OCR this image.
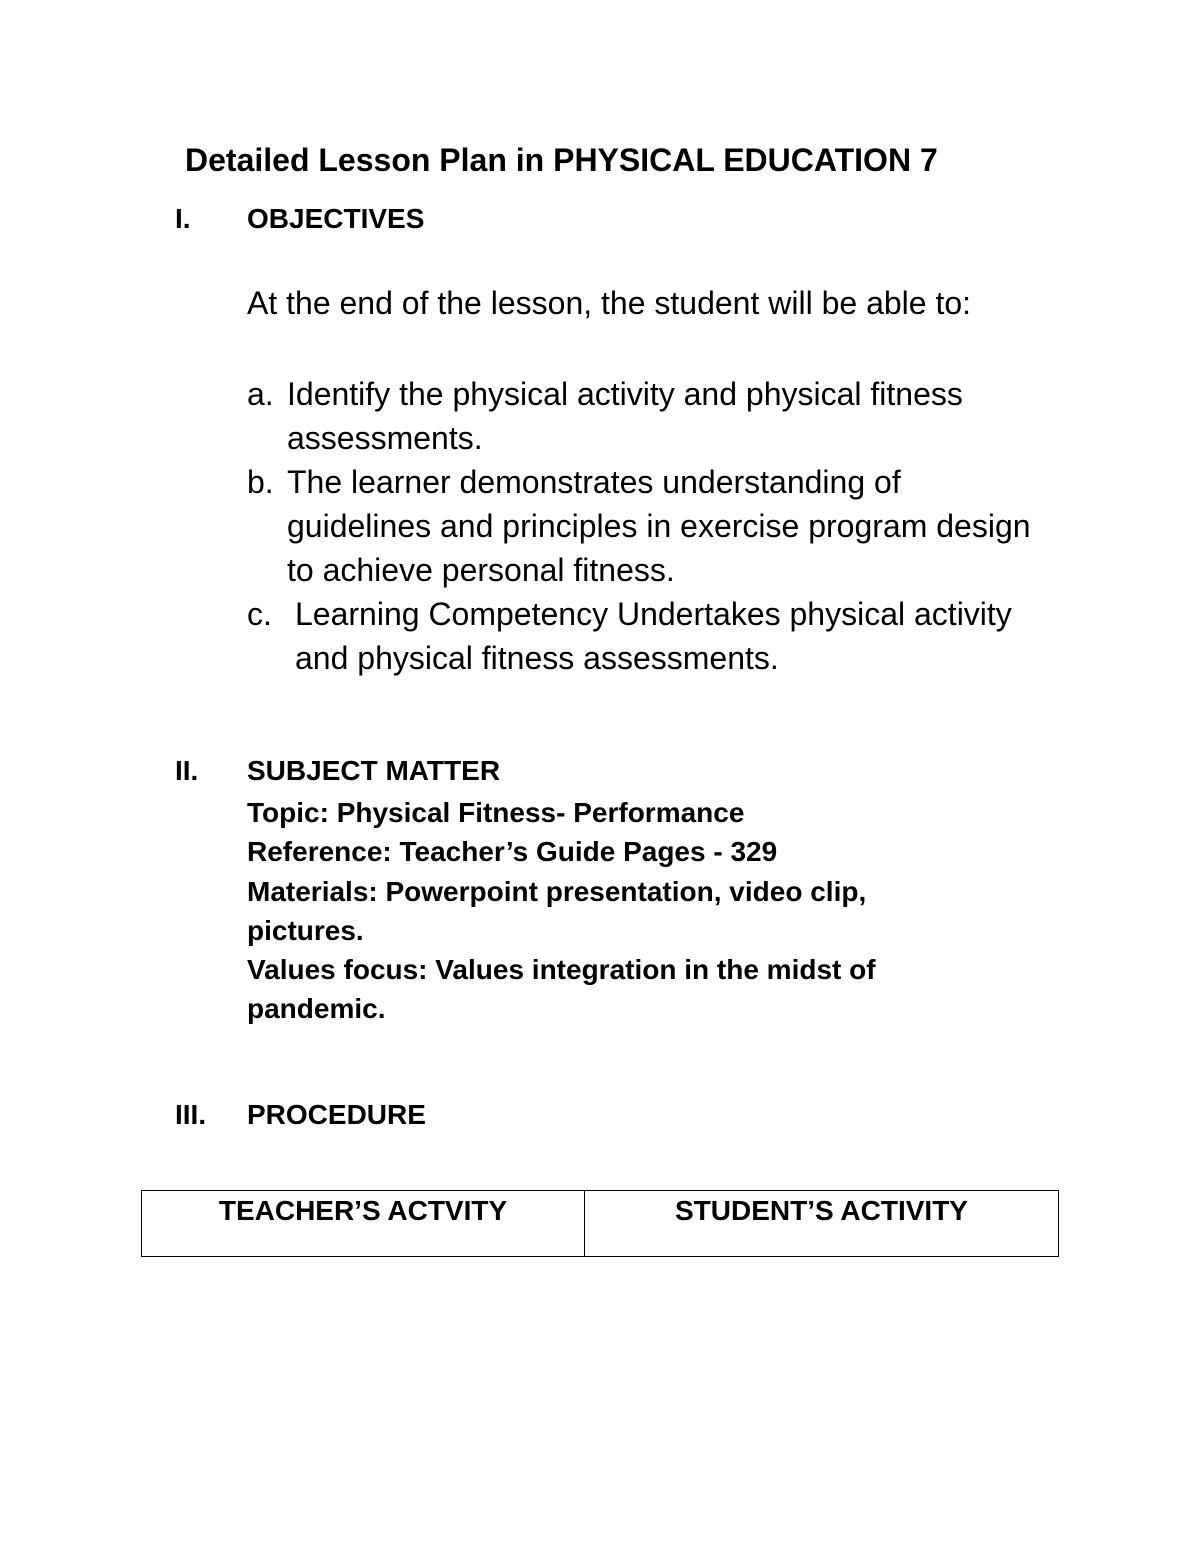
Detailed Lesson Plan in PHYSICAL EDUCATION 7
I. OBJECTIVES
At the end of the lesson, the student will be able to:
a. Identify the physical activity and physical fitness assessments.
b. The learner demonstrates understanding of guidelines and principles in exercise program design to achieve personal fitness.
c. Learning Competency Undertakes physical activity and physical fitness assessments.
II. SUBJECT MATTER
Topic: Physical Fitness- Performance
Reference: Teacher’s Guide Pages - 329
Materials: Powerpoint presentation, video clip, pictures.
Values focus: Values integration in the midst of pandemic.
III. PROCEDURE
TEACHER’S ACTVITY	STUDENT’S ACTIVITY
